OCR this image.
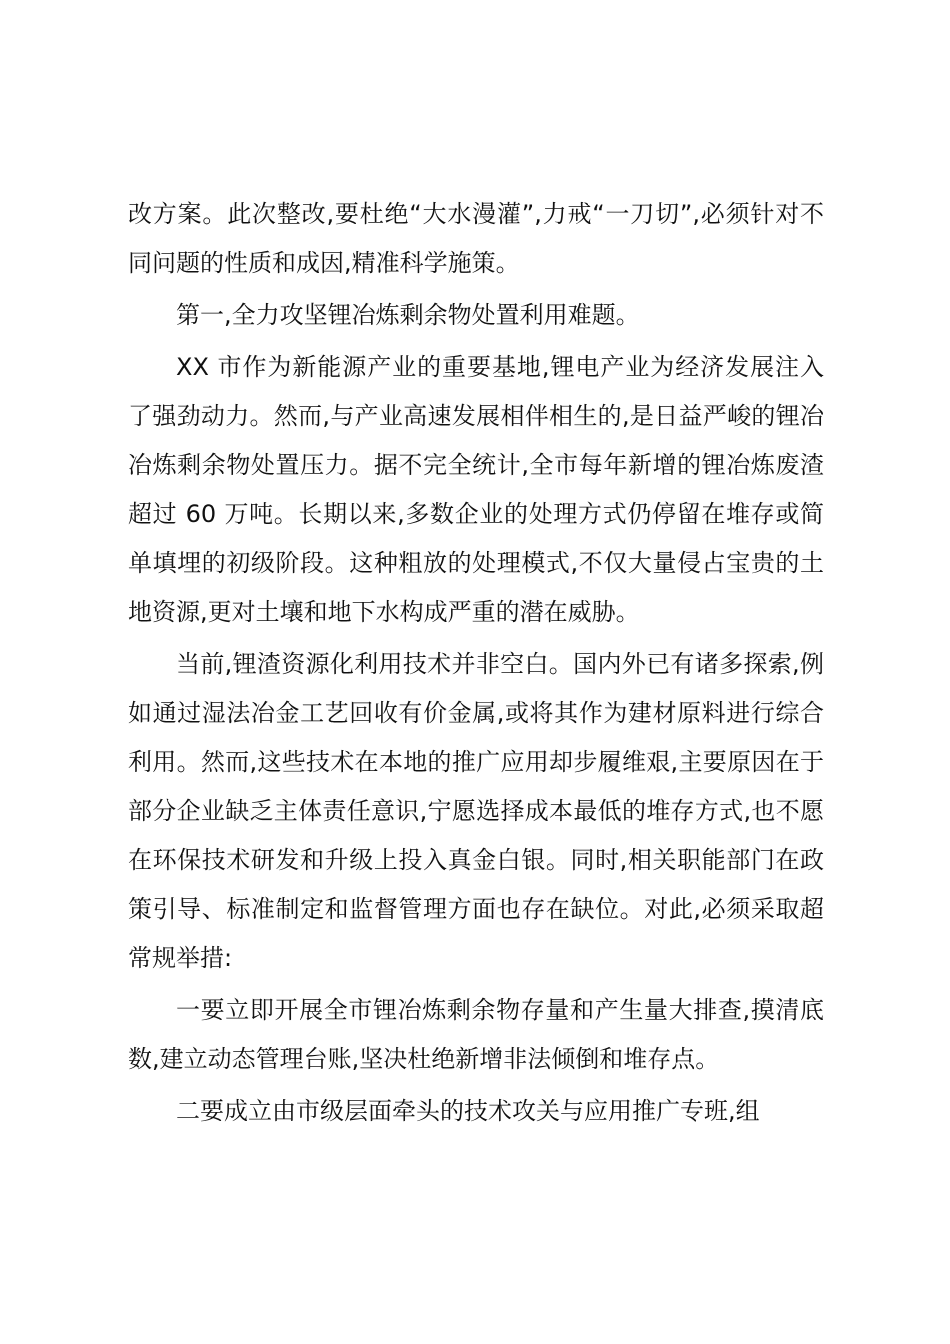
改方案。此次整改,要杜绝“大水漫灌”,力戒“一刀切”,必须针对不同问题的性质和成因,精准科学施策。

第一,全力攻坚锂冶炼剩余物处置利用难题。

XX 市作为新能源产业的重要基地,锂电产业为经济发展注入了强劲动力。然而,与产业高速发展相伴相生的,是日益严峻的锂冶冶炼剩余物处置压力。据不完全统计,全市每年新增的锂冶炼废渣超过 60 万吨。长期以来,多数企业的处理方式仍停留在堆存或简单填埋的初级阶段。这种粗放的处理模式,不仅大量侵占宝贵的土地资源,更对土壤和地下水构成严重的潜在威胁。

当前,锂渣资源化利用技术并非空白。国内外已有诸多探索,例如通过湿法冶金工艺回收有价金属,或将其作为建材原料进行综合利用。然而,这些技术在本地的推广应用却步履维艰,主要原因在于部分企业缺乏主体责任意识,宁愿选择成本最低的堆存方式,也不愿在环保技术研发和升级上投入真金白银。同时,相关职能部门在政策引导、标准制定和监督管理方面也存在缺位。对此,必须采取超常规举措:

一要立即开展全市锂冶炼剩余物存量和产生量大排查,摸清底数,建立动态管理台账,坚决杜绝新增非法倾倒和堆存点。

二要成立由市级层面牵头的技术攻关与应用推广专班,组
